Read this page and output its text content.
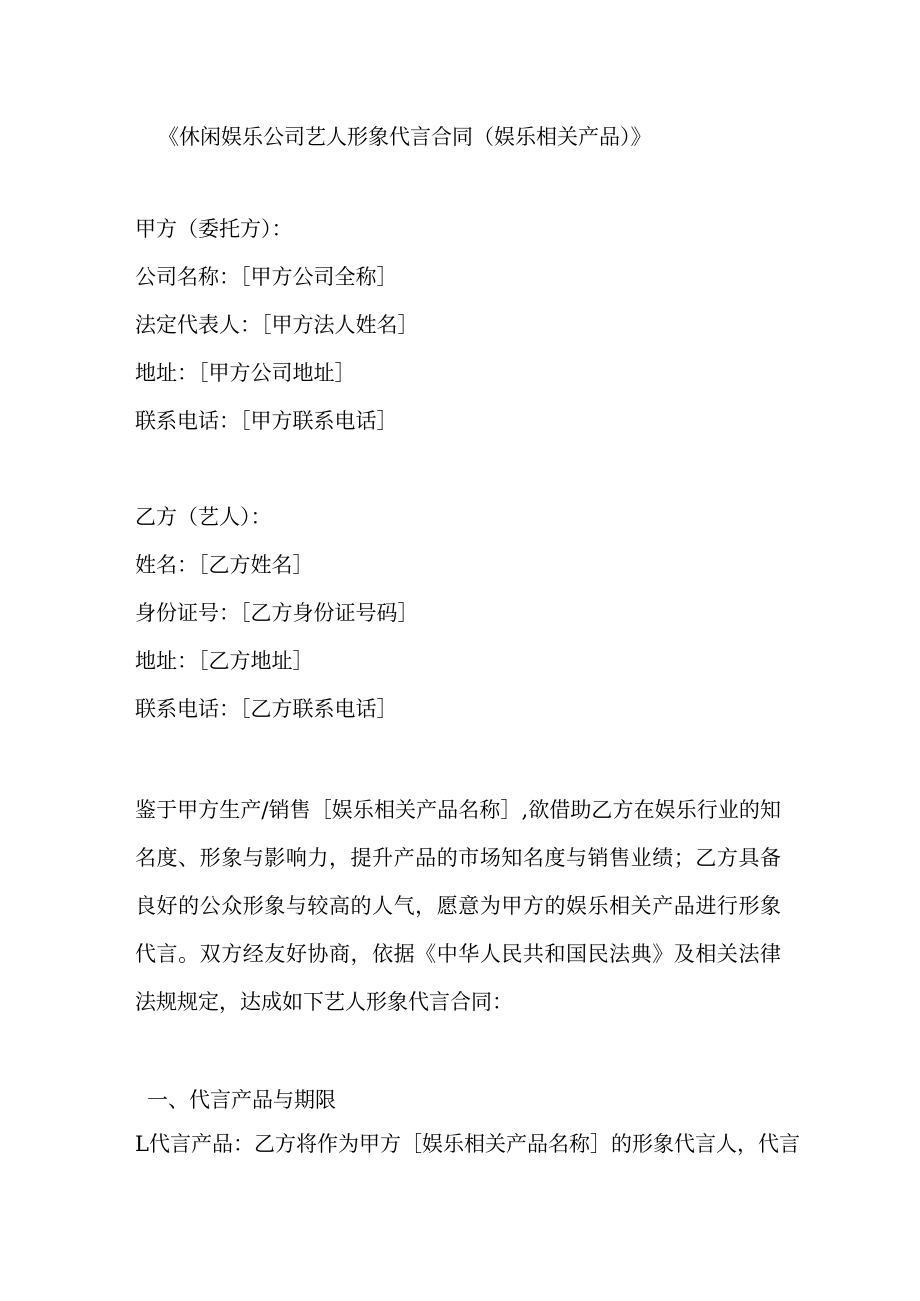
《休闲娱乐公司艺人形象代言合同（娱乐相关产品）》
甲方（委托方）：
公司名称：［甲方公司全称］
法定代表人：［甲方法人姓名］
地址：［甲方公司地址］
联系电话：［甲方联系电话］
乙方（艺人）：
姓名：［乙方姓名］
身份证号：［乙方身份证号码］
地址：［乙方地址］
联系电话：［乙方联系电话］
鉴于甲方生产/销售［娱乐相关产品名称］,欲借助乙方在娱乐行业的知名度、形象与影响力，提升产品的市场知名度与销售业绩；乙方具备良好的公众形象与较高的人气，愿意为甲方的娱乐相关产品进行形象代言。双方经友好协商，依据《中华人民共和国民法典》及相关法律法规规定，达成如下艺人形象代言合同：
一、代言产品与期限
L代言产品：乙方将作为甲方［娱乐相关产品名称］的形象代言人，代言
